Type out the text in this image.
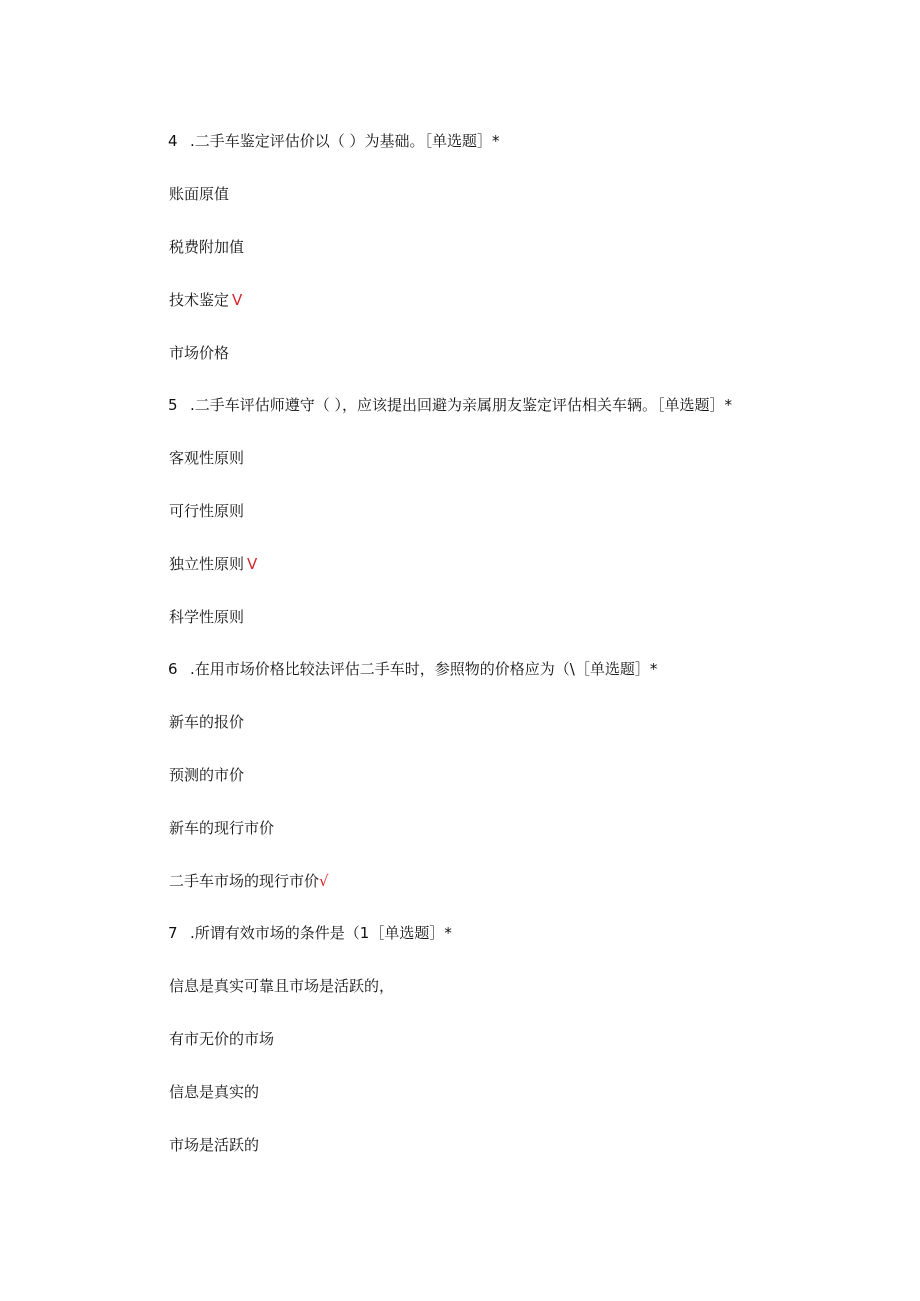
4 .二手车鉴定评估价以（ ）为基础。［单选题］*
账面原值
税费附加值
技术鉴定 V
市场价格
5 .二手车评估师遵守（ ），应该提出回避为亲属朋友鉴定评估相关车辆。［单选题］*
客观性原则
可行性原则
独立性原则 V
科学性原则
6 .在用市场价格比较法评估二手车时，参照物的价格应为（\［单选题］*
新车的报价
预测的市价
新车的现行市价
二手车市场的现行市价√
7 .所谓有效市场的条件是（1［单选题］*
信息是真实可靠且市场是活跃的，
有市无价的市场
信息是真实的
市场是活跃的
